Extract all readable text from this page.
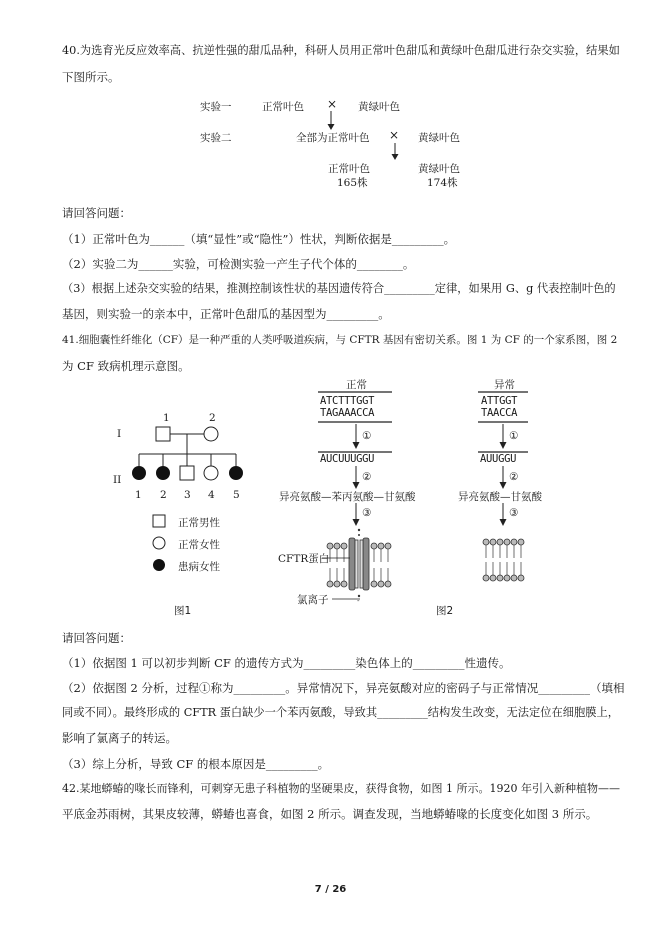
40.为选育光反应效率高、抗逆性强的甜瓜品种，科研人员用正常叶色甜瓜和黄绿叶色甜瓜进行杂交实验，结果如
下图所示。
实验一	正常叶色 × 黄绿叶色
实验二	全部为正常叶色 × 黄绿叶色
正常叶色
165株
黄绿叶色
174株
请回答问题：
（1）正常叶色为______（填“显性”或“隐性”）性状，判断依据是_________。
（2）实验二为______实验，可检测实验一产生子代个体的________。
（3）根据上述杂交实验的结果，推测控制该性状的基因遗传符合_________定律，如果用 G、g 代表控制叶色的
基因，则实验一的亲本中，正常叶色甜瓜的基因型为_________。
41.细胞囊性纤维化（CF）是一种严重的人类呼吸道疾病，与 CFTR 基因有密切关系。图 1 为 CF 的一个家系图，图 2
为 CF 致病机理示意图。
I
II
1	2
1 2 3 4 5
正常男性
正常女性
患病女性
图1
正常
ATCTTTGGT
TAGAAACCA
①
AUCUUUGGU
②
异亮氨酸—苯丙氨酸—甘氨酸
③
-
CFTR蛋白
氯离子
异常
ATTGGT
TAACCA
①
AUUGGU
②
异亮氨酸—甘氨酸
③
图2
请回答问题：
（1）依据图 1 可以初步判断 CF 的遗传方式为_________染色体上的_________性遗传。
（2）依据图 2 分析，过程①称为_________。异常情况下，异亮氨酸对应的密码子与正常情况_________（填相
同或不同）。最终形成的 CFTR 蛋白缺少一个苯丙氨酸，导致其_________结构发生改变，无法定位在细胞膜上，
影响了氯离子的转运。
（3）综上分析，导致 CF 的根本原因是_________。
42.某地蟒蝽的喙长而锋利，可刺穿无患子科植物的坚硬果皮，获得食物，如图 1 所示。1920 年引入新种植物——
平底金苏雨树，其果皮较薄，蟒蝽也喜食，如图 2 所示。调查发现，当地蟒蝽喙的长度变化如图 3 所示。
7 / 26
